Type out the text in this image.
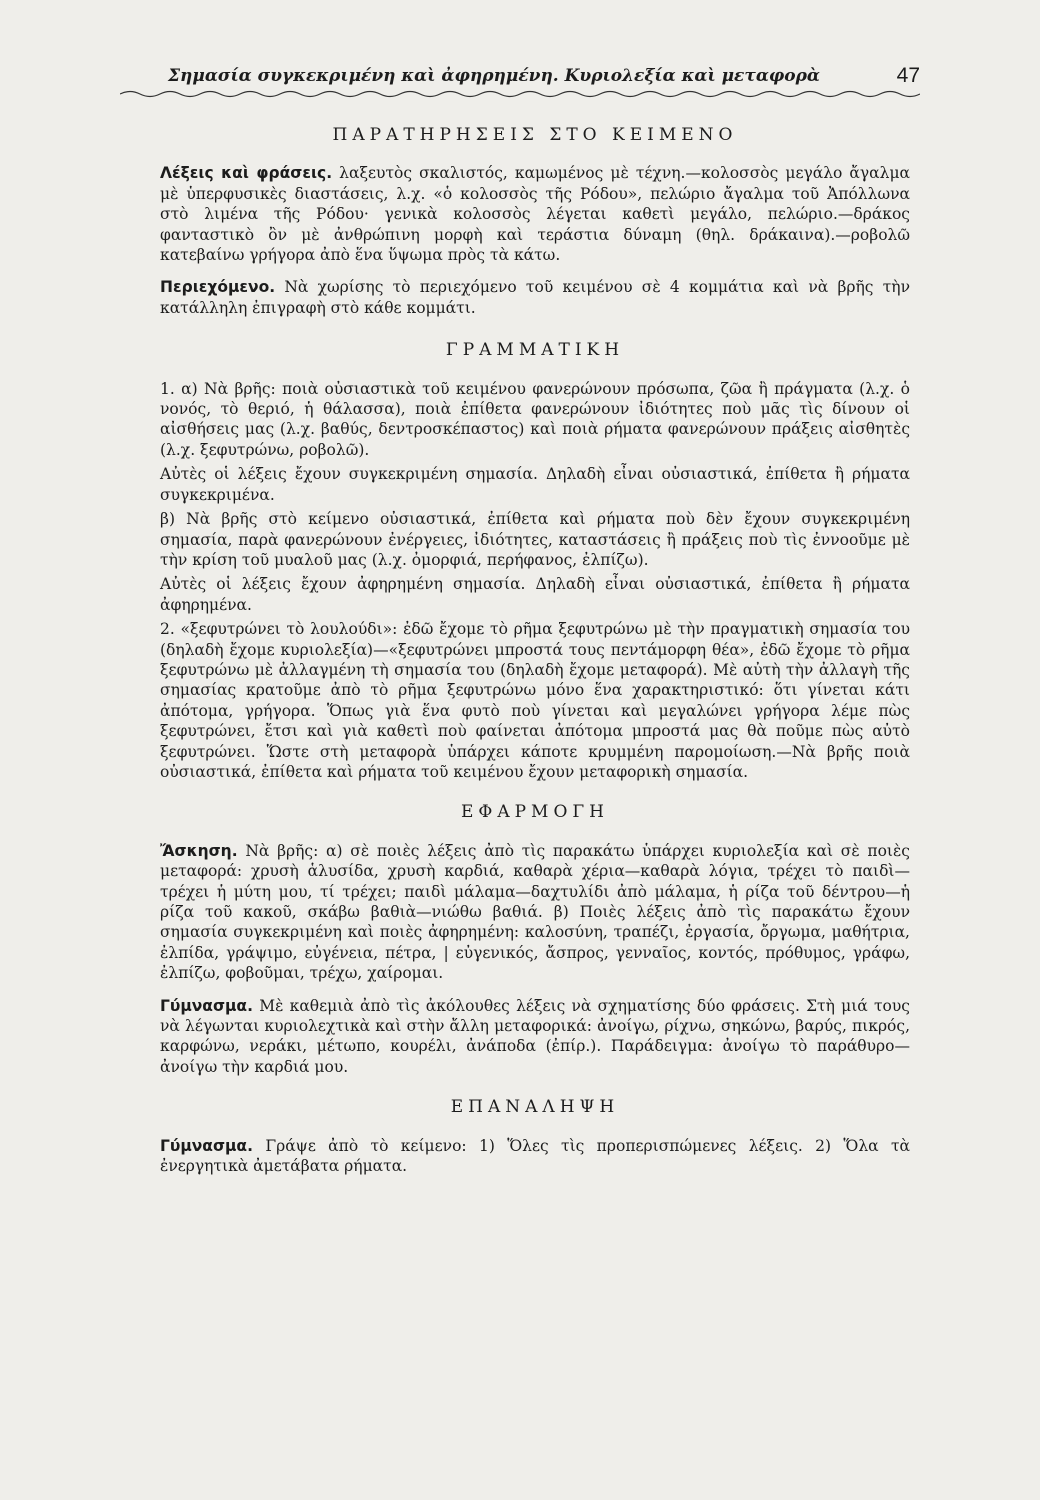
Σημασία συγκεκριμένη καὶ ἀφηρημένη. Κυριολεξία καὶ μεταφορὰ	47
ΠΑΡΑΤΗΡΗΣΕΙΣ ΣΤΟ ΚΕΙΜΕΝΟ

Λέξεις καὶ φράσεις. λαξευτὸς σκαλιστός, καμωμένος μὲ τέχνη.—κολοσσὸς μεγάλο ἄγαλμα μὲ ὑπερφυσικὲς διαστάσεις, λ.χ. «ὁ κολοσσὸς τῆς Ρόδου», πελώριο ἄγαλμα τοῦ Ἀπόλλωνα στὸ λιμένα τῆς Ρόδου· γενικὰ κολοσσὸς λέγεται καθετὶ μεγάλο, πελώριο.—δράκος φανταστικὸ ὂν μὲ ἀνθρώπινη μορφὴ καὶ τεράστια δύναμη (θηλ. δράκαινα).—ροβολῶ κατεβαίνω γρήγορα ἀπὸ ἕνα ὕψωμα πρὸς τὰ κάτω.

Περιεχόμενο. Νὰ χωρίσης τὸ περιεχόμενο τοῦ κειμένου σὲ 4 κομμάτια καὶ νὰ βρῆς τὴν κατάλληλη ἐπιγραφὴ στὸ κάθε κομμάτι.

ΓΡΑΜΜΑΤΙΚΗ

1. α) Νὰ βρῆς: ποιὰ οὐσιαστικὰ τοῦ κειμένου φανερώνουν πρόσωπα, ζῶα ἢ πράγματα (λ.χ. ὁ νονός, τὸ θεριό, ἡ θάλασσα), ποιὰ ἐπίθετα φανερώνουν ἰδιότητες ποὺ μᾶς τὶς δίνουν οἱ αἰσθήσεις μας (λ.χ. βαθύς, δεντροσκέπαστος) καὶ ποιὰ ρήματα φανερώνουν πράξεις αἰσθητὲς (λ.χ. ξεφυτρώνω, ροβολῶ).

Αὐτὲς οἱ λέξεις ἔχουν συγκεκριμένη σημασία. Δηλαδὴ εἶναι οὐσιαστικά, ἐπίθετα ἢ ρήματα συγκεκριμένα.

β) Νὰ βρῆς στὸ κείμενο οὐσιαστικά, ἐπίθετα καὶ ρήματα ποὺ δὲν ἔχουν συγκεκριμένη σημασία, παρὰ φανερώνουν ἐνέργειες, ἰδιότητες, καταστάσεις ἢ πράξεις ποὺ τὶς ἐννοοῦμε μὲ τὴν κρίση τοῦ μυαλοῦ μας (λ.χ. ὀμορφιά, περήφανος, ἐλπίζω).

Αὐτὲς οἱ λέξεις ἔχουν ἀφηρημένη σημασία. Δηλαδὴ εἶναι οὐσιαστικά, ἐπίθετα ἢ ρήματα ἀφηρημένα.

2. «ξεφυτρώνει τὸ λουλούδι»: ἐδῶ ἔχομε τὸ ρῆμα ξεφυτρώνω μὲ τὴν πραγματικὴ σημασία του (δηλαδὴ ἔχομε κυριολεξία)—«ξεφυτρώνει μπροστά τους πεντάμορφη θέα», ἐδῶ ἔχομε τὸ ρῆμα ξεφυτρώνω μὲ ἀλλαγμένη τὴ σημασία του (δηλαδὴ ἔχομε μεταφορά). Μὲ αὐτὴ τὴν ἀλλαγὴ τῆς σημασίας κρατοῦμε ἀπὸ τὸ ρῆμα ξεφυτρώνω μόνο ἕνα χαρακτηριστικό: ὅτι γίνεται κάτι ἀπότομα, γρήγορα. Ὅπως γιὰ ἕνα φυτὸ ποὺ γίνεται καὶ μεγαλώνει γρήγορα λέμε πὼς ξεφυτρώνει, ἔτσι καὶ γιὰ καθετὶ ποὺ φαίνεται ἀπότομα μπροστά μας θὰ ποῦμε πὼς αὐτὸ ξεφυτρώνει. Ὥστε στὴ μεταφορὰ ὑπάρχει κάποτε κρυμμένη παρομοίωση.—Νὰ βρῆς ποιὰ οὐσιαστικά, ἐπίθετα καὶ ρήματα τοῦ κειμένου ἔχουν μεταφορικὴ σημασία.

ΕΦΑΡΜΟΓΗ

Ἄσκηση. Νὰ βρῆς: α) σὲ ποιὲς λέξεις ἀπὸ τὶς παρακάτω ὑπάρχει κυριολεξία καὶ σὲ ποιὲς μεταφορά: χρυσὴ ἁλυσίδα, χρυσὴ καρδιά, καθαρὰ χέρια—καθαρὰ λόγια, τρέχει τὸ παιδὶ—τρέχει ἡ μύτη μου, τί τρέχει; παιδὶ μάλαμα—δαχτυλίδι ἀπὸ μάλαμα, ἡ ρίζα τοῦ δέντρου—ἡ ρίζα τοῦ κακοῦ, σκάβω βαθιὰ—νιώθω βαθιά. β) Ποιὲς λέξεις ἀπὸ τὶς παρακάτω ἔχουν σημασία συγκεκριμένη καὶ ποιὲς ἀφηρημένη: καλοσύνη, τραπέζι, ἐργασία, ὄργωμα, μαθήτρια, ἐλπίδα, γράψιμο, εὐγένεια, πέτρα, | εὐγενικός, ἄσπρος, γενναῖος, κοντός, πρόθυμος, γράφω, ἐλπίζω, φοβοῦμαι, τρέχω, χαίρομαι.

Γύμνασμα. Μὲ καθεμιὰ ἀπὸ τὶς ἀκόλουθες λέξεις νὰ σχηματίσης δύο φράσεις. Στὴ μιά τους νὰ λέγωνται κυριολεχτικὰ καὶ στὴν ἄλλη μεταφορικά: ἀνοίγω, ρίχνω, σηκώνω, βαρύς, πικρός, καρφώνω, νεράκι, μέτωπο, κουρέλι, ἀνάποδα (ἐπίρ.). Παράδειγμα: ἀνοίγω τὸ παράθυρο—ἀνοίγω τὴν καρδιά μου.

ΕΠΑΝΑΛΗΨΗ

Γύμνασμα. Γράψε ἀπὸ τὸ κείμενο: 1) Ὅλες τὶς προπερισπώμενες λέξεις. 2) Ὅλα τὰ ἐνεργητικὰ ἀμετάβατα ρήματα.
